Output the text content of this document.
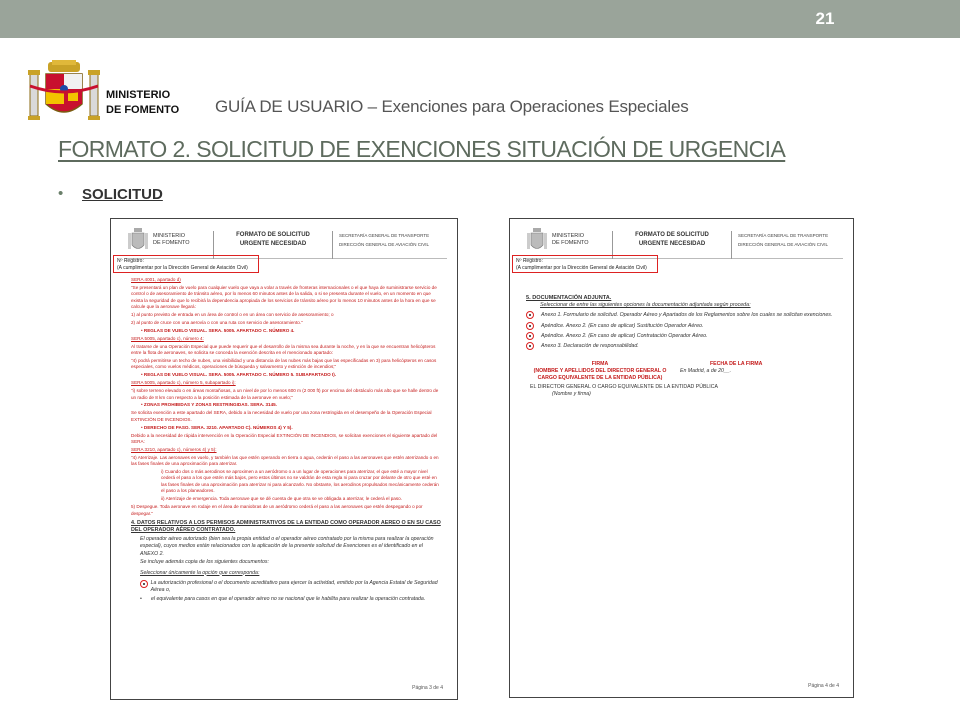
21
MINISTERIO
DE FOMENTO GUÍA DE USUARIO – Exenciones para Operaciones Especiales
FORMATO 2. SOLICITUD DE EXENCIONES SITUACIÓN DE URGENCIA
• SOLICITUD
MINISTERIO
DE FOMENTO
FORMATO DE SOLICITUD
URGENTE NECESIDAD
SECRETARÍA GENERAL DE TRANSPORTE
DIRECCIÓN GENERAL DE AVIACIÓN CIVIL
Nº Registro:
(A cumplimentar por la Dirección General de Aviación Civil)

SERA 4001, apartado d)

"Se presentará un plan de vuelo para cualquier vuelo que vaya a volar a través de fronteras internacionales o el que haya de suministrarse servicio de control o de asesoramiento de tránsito aéreo, por lo menos 60 minutos antes de la salida, o si se presenta durante el vuelo, en un momento en que exista la seguridad de que lo recibirá la dependencia apropiada de los servicios de tránsito aéreo por lo menos 10 minutos antes de la hora en que se calcule que la aeronave llegará:

1) al punto previsto de entrada en un área de control o en un área con servicio de asesoramiento; o

2) al punto de cruce con una aerovía o con una ruta con servicio de asesoramiento."

• REGLAS DE VUELO VISUAL. SERA. 5005. APARTADO C. NÚMERO 4.

SERA 5005, apartado c), número 4:

Al tratarse de una Operación Especial que puede requerir que el desarrollo de la misma sea durante la noche, y en la que se encuentran helicópteros entre la flota de aeronaves, se solicita se conceda la exención descrita en el mencionado apartado:

"4) podrá permitirse un techo de nubes, una visibilidad y una distancia de las nubes más bajas que las especificadas en 3) para helicópteros en casos especiales, como vuelos médicos, operaciones de búsqueda y salvamento y extinción de incendios;"

• REGLAS DE VUELO VISUAL. SERA. 5005. APARTADO C. NÚMERO 5. SUBAPARTADO I).

SERA 5005, apartado c), número 5, subapartado i):

"i) sobre terreno elevado o en áreas montañosas, a un nivel de por lo menos 600 m (2 000 ft) por encima del obstáculo más alto que se halle dentro de un radio de 8 km con respecto a la posición estimada de la aeronave en vuelo;"

• ZONAS PROHIBIDAS Y ZONAS RESTRINGIDAS. SERA. 3145.

Se solicita exención a este apartado del SERA, debido a la necesidad de vuelo por una zona restringida en el desempeño de la Operación Especial EXTINCIÓN DE INCENDIOS.

• DERECHO DE PASO. SERA. 3210. APARTADO C). NÚMEROS 4) Y 5).

Debido a la necesidad de rápida intervención en la Operación Especial EXTINCIÓN DE INCENDIOS, se solicitan exenciones el siguiente apartado del SERA:

SERA 3210, apartado c), números 4) y 5):

"4) Aterrizaje. Las aeronaves en vuelo, y también las que estén operando en tierra o agua, cederán el paso a las aeronaves que estén aterrizando o en las fases finales de una aproximación para aterrizar.

i) Cuando dos o más aerodinos se aproximen a un aeródromo o a un lugar de operaciones para aterrizar, el que esté a mayor nivel cederá el paso a los que estén más bajos, pero estos últimos no se valdrán de esta regla ni para cruzar por delante de otro que esté en las fases finales de una aproximación para aterrizar ni para alcanzarlo. No obstante, los aerodinos propulsados mecánicamente cederán el paso a los planeadores.

ii) Aterrizaje de emergencia. Toda aeronave que se dé cuenta de que otra se ve obligada a aterrizar, le cederá el paso.

5) Despegue. Toda aeronave en rodaje en el área de maniobras de un aeródromo cederá el paso a las aeronaves que estén despegando o por despegar."

4. DATOS RELATIVOS A LOS PERMISOS ADMINISTRATIVOS DE LA ENTIDAD COMO OPERADOR AEREO O EN SU CASO DEL OPERADOR AÉREO CONTRATADO.

El operador aéreo autorizado (bien sea la propia entidad o el operador aéreo contratado por la misma para realizar la operación especial), cuyos medios están relacionados con la aplicación de la presente solicitud de Exenciones es el identificado en el ANEXO 2.

Se incluye además copia de los siguientes documentos:

Seleccionar únicamente la opción que corresponda:

La autorización profesional o el documento acreditativo para ejercer la actividad, emitido por la Agencia Estatal de Seguridad Aérea o,

•	el equivalente para casos en que el operador aéreo no se nacional que le habilita para realizar la operación contratada.

Página 3 de 4
MINISTERIO
DE FOMENTO
FORMATO DE SOLICITUD
URGENTE NECESIDAD
SECRETARÍA GENERAL DE TRANSPORTE
DIRECCIÓN GENERAL DE AVIACIÓN CIVIL
Nº Registro:
(A cumplimentar por la Dirección General de Aviación Civil)
5. DOCUMENTACIÓN ADJUNTA.
Seleccionar de entre las siguientes opciones la documentación adjuntada según proceda:
Anexo 1. Formulario de solicitud. Operador Aéreo y Apartados de los Reglamentos sobre los cuales se solicitan exenciones.
Apéndice. Anexo 2. (En caso de aplicar) Sustitución Operador Aéreo.
Apéndice. Anexo 2. (En caso de aplicar) Contratación Operador Aéreo.
Anexo 3. Declaración de responsabilidad.
FIRMA
(NOMBRE Y APELLIDOS DEL DIRECTOR GENERAL O CARGO EQUIVALENTE DE LA ENTIDAD PÚBLICA)
FECHA DE LA FIRMA
En Madrid, a de 20__.
EL DIRECTOR GENERAL O CARGO EQUIVALENTE DE LA ENTIDAD PÚBLICA
(Nombre y firma)
Página 4 de 4
